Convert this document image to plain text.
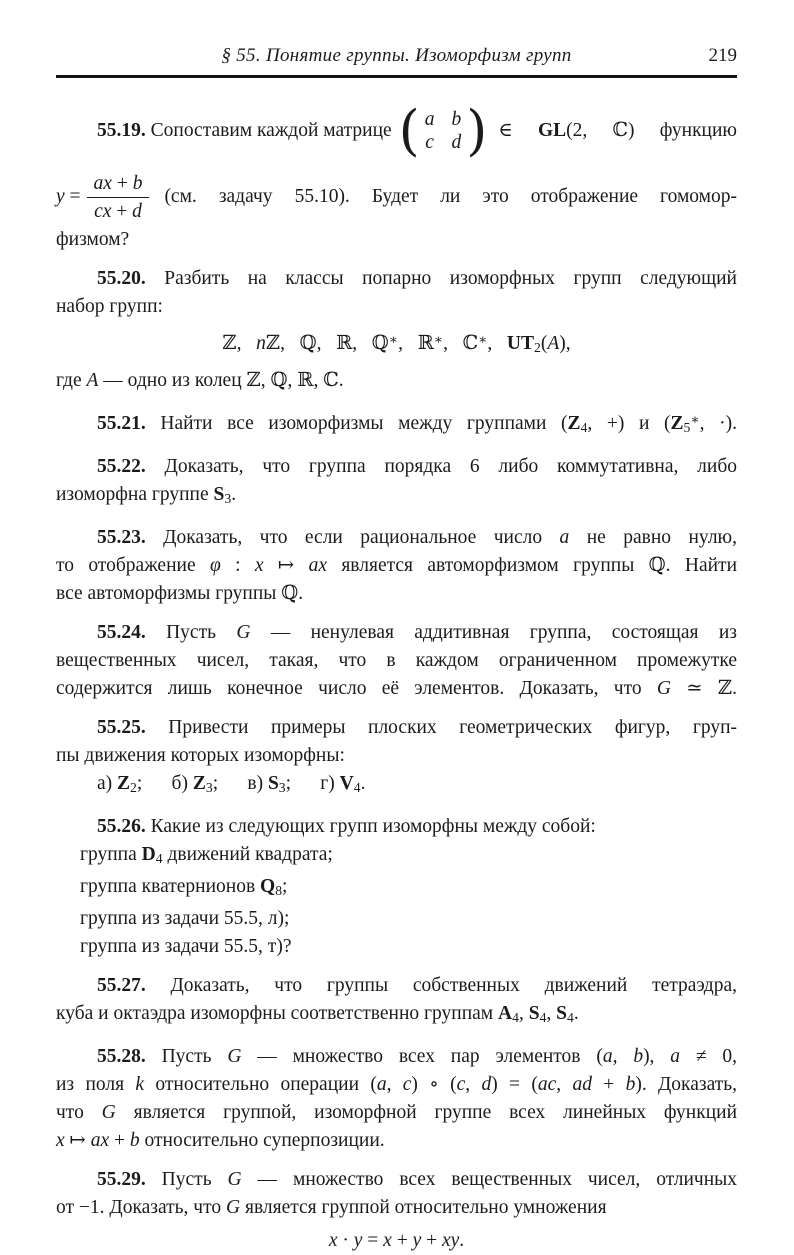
§ 55. Понятие группы. Изоморфизм групп	219
55.19. Сопоставим каждой матрице ( a b
c d ) ∈ GL(2, ℂ) функцию
$y = \frac{ax + b}{cx + d} (см$. задачу 55.10). Будет ли это отображение гомомор-
физмом?
55.20. Разбить на классы попарно изоморфных групп следующий
набор групп:
ℤ,   nℤ,   ℚ,   ℝ,   ℚ∗,   ℝ∗,   ℂ∗,   $UT_2(A)$,
где A — одно из колец ℤ, ℚ, ℝ, ℂ.
55.21. Найти все изоморфизмы между группами ($Z_4$, +) и ($Z_5^∗$, ·).
55.22. Доказать, что группа порядка 6 либо коммутативна, либо
изоморфна группе $S_3$.
55.23. Доказать, что если рациональное число a не равно нулю,
то отображение φ : x ↦ ax является автоморфизмом группы ℚ. Найти
все автоморфизмы группы ℚ.
55.24. Пусть G — ненулевая аддитивная группа, состоящая из
вещественных чисел, такая, что в каждом ограниченном промежутке
содержится лишь конечное число её элементов. Доказать, что G ≃ ℤ.
55.25. Привести примеры плоских геометрических фигур, груп-
пы движения которых изоморфны:
а) $Z_2$;      б) $Z_3$;      в) $S_3$;      г) $V_4$.
55.26. Какие из следующих групп изоморфны между собой:
группа $D_4$ движений квадрата;
группа кватернионов $Q_8$;
группа из задачи 55.5, л);
группа из задачи 55.5, т)?
55.27. Доказать, что группы собственных движений тетраэдра,
куба и октаэдра изоморфны соответственно группам $A_4$, $S_4$, $S_4$.
55.28. Пусть G — множество всех пар элементов (a, b), a ≠ 0,
из поля k относительно операции (a, c) ∘ (c, d) = (ac, ad + b). Доказать,
что G является группой, изоморфной группе всех линейных функций
x ↦ ax + b относительно суперпозиции.
55.29. Пусть G — множество всех вещественных чисел, отличных
от −1. Доказать, что G является группой относительно умножения
x · y = x + y + xy.
